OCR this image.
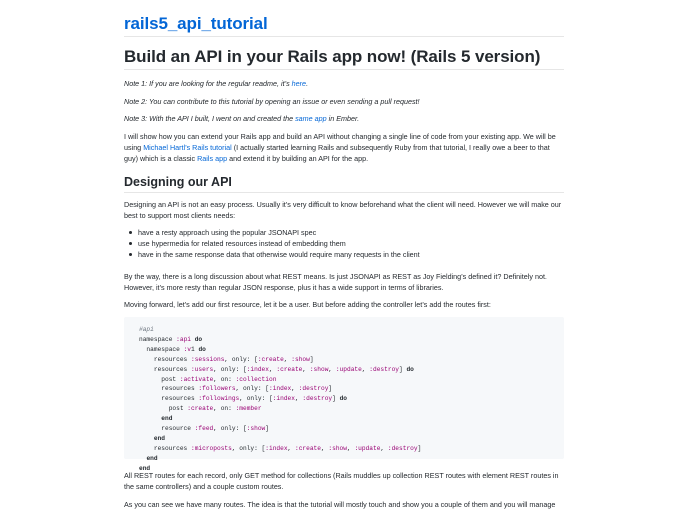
rails5_api_tutorial
Build an API in your Rails app now! (Rails 5 version)

Note 1: If you are looking for the regular readme, it’s here.

Note 2: You can contribute to this tutorial by opening an issue or even sending a pull request!

Note 3: With the API I built, I went on and created the same app in Ember.

I will show how you can extend your Rails app and build an API without changing a single line of code from your existing app. We will be using Michael Hartl’s Rails tutorial (I actually started learning Rails and subsequently Ruby from that tutorial, I really owe a beer to that guy) which is a classic Rails app and extend it by building an API for the app.

Designing our API

Designing an API is not an easy process. Usually it’s very difficult to know beforehand what the client will need. However we will make our best to support most clients needs:

have a resty approach using the popular JSONAPI spec
use hypermedia for related resources instead of embedding them
have in the same response data that otherwise would require many requests in the client

By the way, there is a long discussion about what REST means. Is just JSONAPI as REST as Joy Fielding’s defined it? Definitely not. However, it’s more resty than regular JSON response, plus it has a wide support in terms of libraries.

Moving forward, let’s add our first resource, let it be a user. But before adding the controller let’s add the routes first:

#api
namespace :api do
namespace :v1 do
resources :sessions, only: [:create, :show]
resources :users, only: [:index, :create, :show, :update, :destroy] do
post :activate, on: :collection
resources :followers, only: [:index, :destroy]
resources :followings, only: [:index, :destroy] do
post :create, on: :member
end
resource :feed, only: [:show]
end
resources :microposts, only: [:index, :create, :show, :update, :destroy]
end
end

All REST routes for each record, only GET method for collections (Rails muddles up collection REST routes with element REST routes in the same controllers) and a couple custom routes.

As you can see we have many routes. The idea is that the tutorial will mostly touch and show you a couple of them and you will manage
